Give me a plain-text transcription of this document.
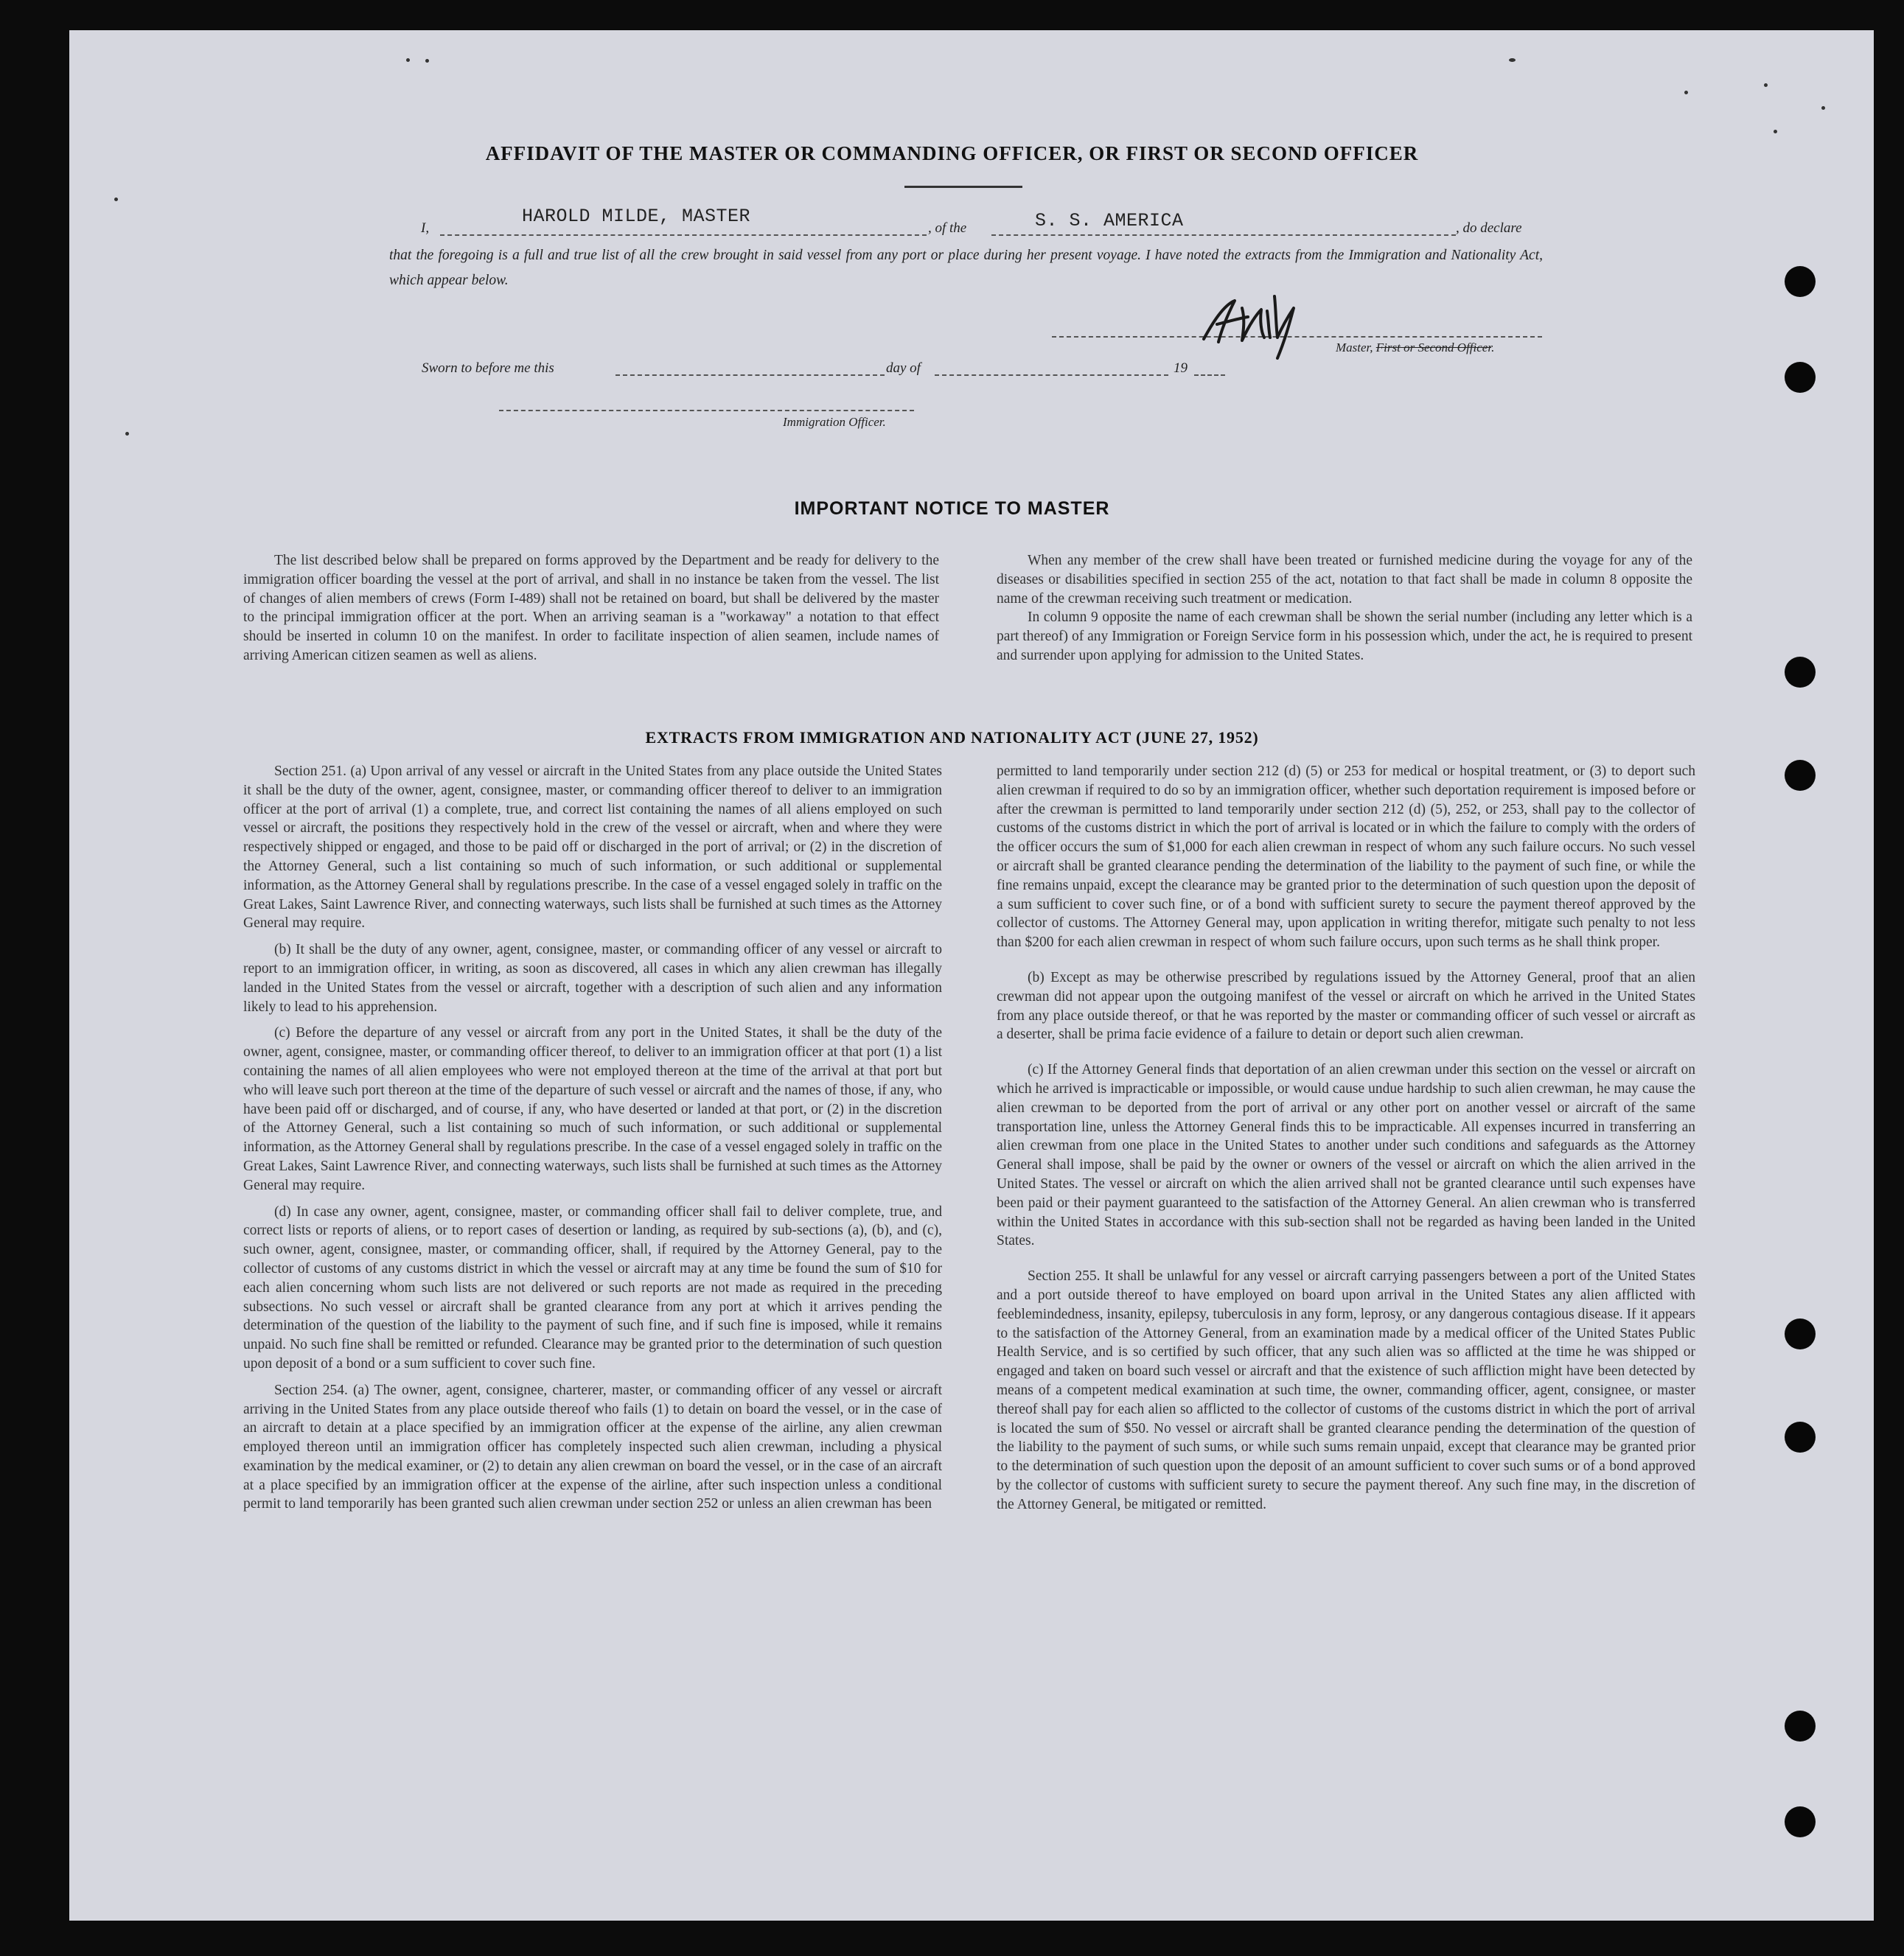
AFFIDAVIT OF THE MASTER OR COMMANDING OFFICER, OR FIRST OR SECOND OFFICER
I,
HAROLD MILDE, MASTER
, of the	S. S. AMERICA	, do declare
that the foregoing is a full and true list of all the crew brought in said vessel from any port or place during her present voyage. I have noted the extracts from the Immigration and Nationality Act, which appear below.
Master, First or Second Officer.
Sworn to before me this	day of	19
Immigration Officer.
IMPORTANT NOTICE TO MASTER

The list described below shall be prepared on forms approved by the Department and be ready for delivery to the immigration officer boarding the vessel at the port of arrival, and shall in no instance be taken from the vessel. The list of changes of alien members of crews (Form I-489) shall not be retained on board, but shall be delivered by the master to the principal immigration officer at the port. When an arriving seaman is a "workaway" a notation to that effect should be inserted in column 10 on the manifest. In order to facilitate inspection of alien seamen, include names of arriving American citizen seamen as well as aliens.

When any member of the crew shall have been treated or furnished medicine during the voyage for any of the diseases or disabilities specified in section 255 of the act, notation to that fact shall be made in column 8 opposite the name of the crewman receiving such treatment or medication.

In column 9 opposite the name of each crewman shall be shown the serial number (including any letter which is a part thereof) of any Immigration or Foreign Service form in his possession which, under the act, he is required to present and surrender upon applying for admission to the United States.

EXTRACTS FROM IMMIGRATION AND NATIONALITY ACT (JUNE 27, 1952)

Section 251. (a) Upon arrival of any vessel or aircraft in the United States from any place outside the United States it shall be the duty of the owner, agent, consignee, master, or commanding officer thereof to deliver to an immigration officer at the port of arrival (1) a complete, true, and correct list containing the names of all aliens employed on such vessel or aircraft, the positions they respectively hold in the crew of the vessel or aircraft, when and where they were respectively shipped or engaged, and those to be paid off or discharged in the port of arrival; or (2) in the discretion of the Attorney General, such a list containing so much of such information, or such additional or supplemental information, as the Attorney General shall by regulations prescribe. In the case of a vessel engaged solely in traffic on the Great Lakes, Saint Lawrence River, and connecting waterways, such lists shall be furnished at such times as the Attorney General may require.

(b) It shall be the duty of any owner, agent, consignee, master, or commanding officer of any vessel or aircraft to report to an immigration officer, in writing, as soon as discovered, all cases in which any alien crewman has illegally landed in the United States from the vessel or aircraft, together with a description of such alien and any information likely to lead to his apprehension.

(c) Before the departure of any vessel or aircraft from any port in the United States, it shall be the duty of the owner, agent, consignee, master, or commanding officer thereof, to deliver to an immigration officer at that port (1) a list containing the names of all alien employees who were not employed thereon at the time of the arrival at that port but who will leave such port thereon at the time of the departure of such vessel or aircraft and the names of those, if any, who have been paid off or discharged, and of course, if any, who have deserted or landed at that port, or (2) in the discretion of the Attorney General, such a list containing so much of such information, or such additional or supplemental information, as the Attorney General shall by regulations prescribe. In the case of a vessel engaged solely in traffic on the Great Lakes, Saint Lawrence River, and connecting waterways, such lists shall be furnished at such times as the Attorney General may require.

(d) In case any owner, agent, consignee, master, or commanding officer shall fail to deliver complete, true, and correct lists or reports of aliens, or to report cases of desertion or landing, as required by sub-sections (a), (b), and (c), such owner, agent, consignee, master, or commanding officer, shall, if required by the Attorney General, pay to the collector of customs of any customs district in which the vessel or aircraft may at any time be found the sum of $10 for each alien concerning whom such lists are not delivered or such reports are not made as required in the preceding subsections. No such vessel or aircraft shall be granted clearance from any port at which it arrives pending the determination of the question of the liability to the payment of such fine, and if such fine is imposed, while it remains unpaid. No such fine shall be remitted or refunded. Clearance may be granted prior to the determination of such question upon deposit of a bond or a sum sufficient to cover such fine.

Section 254. (a) The owner, agent, consignee, charterer, master, or commanding officer of any vessel or aircraft arriving in the United States from any place outside thereof who fails (1) to detain on board the vessel, or in the case of an aircraft to detain at a place specified by an immigration officer at the expense of the airline, any alien crewman employed thereon until an immigration officer has completely inspected such alien crewman, including a physical examination by the medical examiner, or (2) to detain any alien crewman on board the vessel, or in the case of an aircraft at a place specified by an immigration officer at the expense of the airline, after such inspection unless a conditional permit to land temporarily has been granted such alien crewman under section 252 or unless an alien crewman has been

permitted to land temporarily under section 212 (d) (5) or 253 for medical or hospital treatment, or (3) to deport such alien crewman if required to do so by an immigration officer, whether such deportation requirement is imposed before or after the crewman is permitted to land temporarily under section 212 (d) (5), 252, or 253, shall pay to the collector of customs of the customs district in which the port of arrival is located or in which the failure to comply with the orders of the officer occurs the sum of $1,000 for each alien crewman in respect of whom any such failure occurs. No such vessel or aircraft shall be granted clearance pending the determination of the liability to the payment of such fine, or while the fine remains unpaid, except the clearance may be granted prior to the determination of such question upon the deposit of a sum sufficient to cover such fine, or of a bond with sufficient surety to secure the payment thereof approved by the collector of customs. The Attorney General may, upon application in writing therefor, mitigate such penalty to not less than $200 for each alien crewman in respect of whom such failure occurs, upon such terms as he shall think proper.

(b) Except as may be otherwise prescribed by regulations issued by the Attorney General, proof that an alien crewman did not appear upon the outgoing manifest of the vessel or aircraft on which he arrived in the United States from any place outside thereof, or that he was reported by the master or commanding officer of such vessel or aircraft as a deserter, shall be prima facie evidence of a failure to detain or deport such alien crewman.

(c) If the Attorney General finds that deportation of an alien crewman under this section on the vessel or aircraft on which he arrived is impracticable or impossible, or would cause undue hardship to such alien crewman, he may cause the alien crewman to be deported from the port of arrival or any other port on another vessel or aircraft of the same transportation line, unless the Attorney General finds this to be impracticable. All expenses incurred in transferring an alien crewman from one place in the United States to another under such conditions and safeguards as the Attorney General shall impose, shall be paid by the owner or owners of the vessel or aircraft on which the alien arrived in the United States. The vessel or aircraft on which the alien arrived shall not be granted clearance until such expenses have been paid or their payment guaranteed to the satisfaction of the Attorney General. An alien crewman who is transferred within the United States in accordance with this sub-section shall not be regarded as having been landed in the United States.

Section 255. It shall be unlawful for any vessel or aircraft carrying passengers between a port of the United States and a port outside thereof to have employed on board upon arrival in the United States any alien afflicted with feeblemindedness, insanity, epilepsy, tuberculosis in any form, leprosy, or any dangerous contagious disease. If it appears to the satisfaction of the Attorney General, from an examination made by a medical officer of the United States Public Health Service, and is so certified by such officer, that any such alien was so afflicted at the time he was shipped or engaged and taken on board such vessel or aircraft and that the existence of such affliction might have been detected by means of a competent medical examination at such time, the owner, commanding officer, agent, consignee, or master thereof shall pay for each alien so afflicted to the collector of customs of the customs district in which the port of arrival is located the sum of $50. No vessel or aircraft shall be granted clearance pending the determination of the question of the liability to the payment of such sums, or while such sums remain unpaid, except that clearance may be granted prior to the determination of such question upon the deposit of an amount sufficient to cover such sums or of a bond approved by the collector of customs with sufficient surety to secure the payment thereof. Any such fine may, in the discretion of the Attorney General, be mitigated or remitted.
